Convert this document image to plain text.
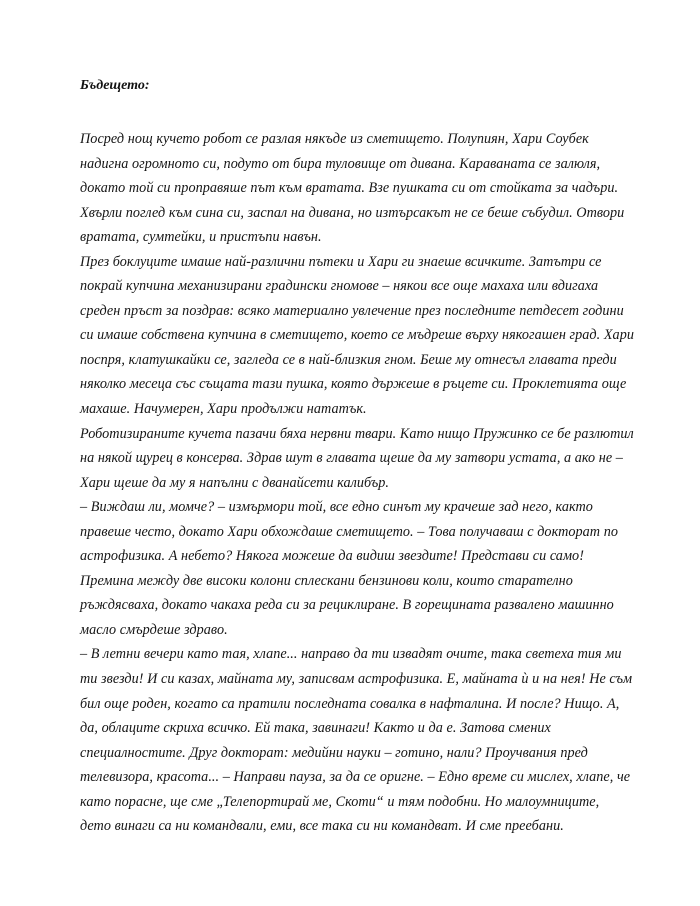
Бъдещето:
Посред нощ кучето робот се разлая някъде из сметището. Полупиян, Хари Соубек
надигна огромното си, подуто от бира туловище от дивана. Караваната се залюля,
докато той си проправяше път към вратата. Взе пушката си от стойката за чадъри.
Хвърли поглед към сина си, заспал на дивана, но изтърсакът не се беше събудил. Отвори
вратата, сумтейки, и пристъпи навън.
През боклуците имаше най-различни пътеки и Хари ги знаеше всичките. Затътри се
покрай купчина механизирани градински гномове – някои все още махаха или вдигаха
среден пръст за поздрав: всяко материално увлечение през последните петдесет години
си имаше собствена купчина в сметището, което се мъдреше върху някогашен град. Хари
поспря, клатушкайки се, загледа се в най-близкия гном. Беше му отнесъл главата преди
няколко месеца със същата тази пушка, която държеше в ръцете си. Проклетията още
махаше. Начумерен, Хари продължи нататък.
Роботизираните кучета пазачи бяха нервни твари. Като нищо Пружинко се бе разлютил
на някой щурец в консерва. Здрав шут в главата щеше да му затвори устата, а ако не –
Хари щеше да му я напълни с дванайсети калибър.
– Виждаш ли, момче? – измърмори той, все едно синът му крачеше зад него, както
правеше често, докато Хари обхождаше сметището. – Това получаваш с докторат по
астрофизика. А небето? Някога можеше да видиш звездите! Представи си само!
Премина между две високи колони сплескани бензинови коли, които старателно
ръждясваха, докато чакаха реда си за рециклиране. В горещината развалено машинно
масло смърдеше здраво.
– В летни вечери като тая, хлапе... направо да ти извадят очите, така светеха тия ми
ти звезди! И си казах, майната му, записвам астрофизика. Е, майната ѝ и на нея! Не съм
бил още роден, когато са пратили последната совалка в нафталина. И после? Нищо. А,
да, облаците скриха всичко. Ей така, завинаги! Както и да е. Затова смених
специалностите. Друг докторат: медийни науки – готино, нали? Проучвания пред
телевизора, красота... – Направи пауза, за да се оригне. – Едно време си мислех, хлапе, че
като порасне, ще сме „Телепортирай ме, Скоти“ и тям подобни. Но малоумниците,
дето винаги са ни командвали, еми, все така си ни командват. И сме преебани.
